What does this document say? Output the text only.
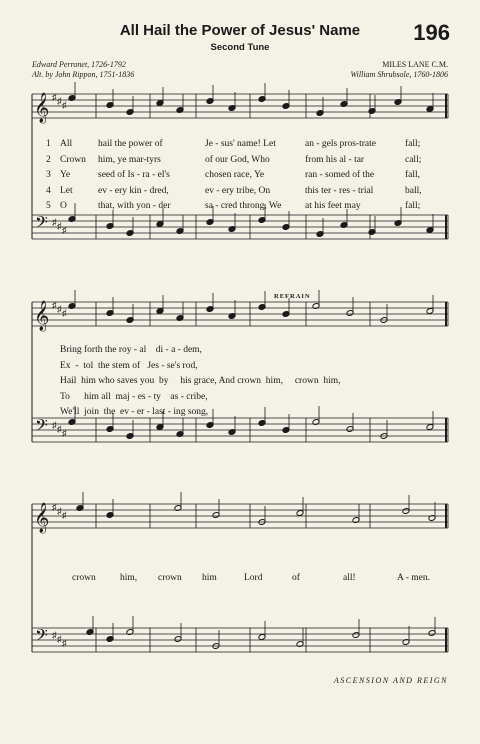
All Hail the Power of Jesus' Name
Second Tune
196
Edward Perronet, 1726-1792
Alt. by John Rippon, 1751-1836
MILES LANE C.M.
William Shrubsole, 1760-1806
1 All	hail the power of	Je - sus' name! Let	an - gels pros-trate	fall;
2 Crown him, ye mar-tyrs	of our God, Who	from his al - tar	call;
3 Ye	seed of Is - ra - el's	chosen race, Ye	ran - somed of the	fall,
4 Let	ev - ery kin - dred,	ev - ery tribe, On	this ter - res - trial	ball,
5 O	that, with yon - der	sa - cred throng, We at his feet may	fall;
REFRAIN
Bring forth the roy - al    di - a - dem,
Ex  -  tol  the stem of   Jes - se's rod,
Hail  him who saves you  by     his grace, And crown  him,     crown  him,
To      him all  maj - es - ty    as - cribe,
We'll  join  the  ev - er - last - ing song,
crown	him, crown him	Lord	of	all!	A - men.
ASCENSION AND REIGN
𝄞
𝄢
♯
♯
♯
♯
♯
♯
𝄞
𝄢
♯
♯
♯
♯
♯
♯
𝄞
𝄢
♯
♯
♯
♯
♯
♯
